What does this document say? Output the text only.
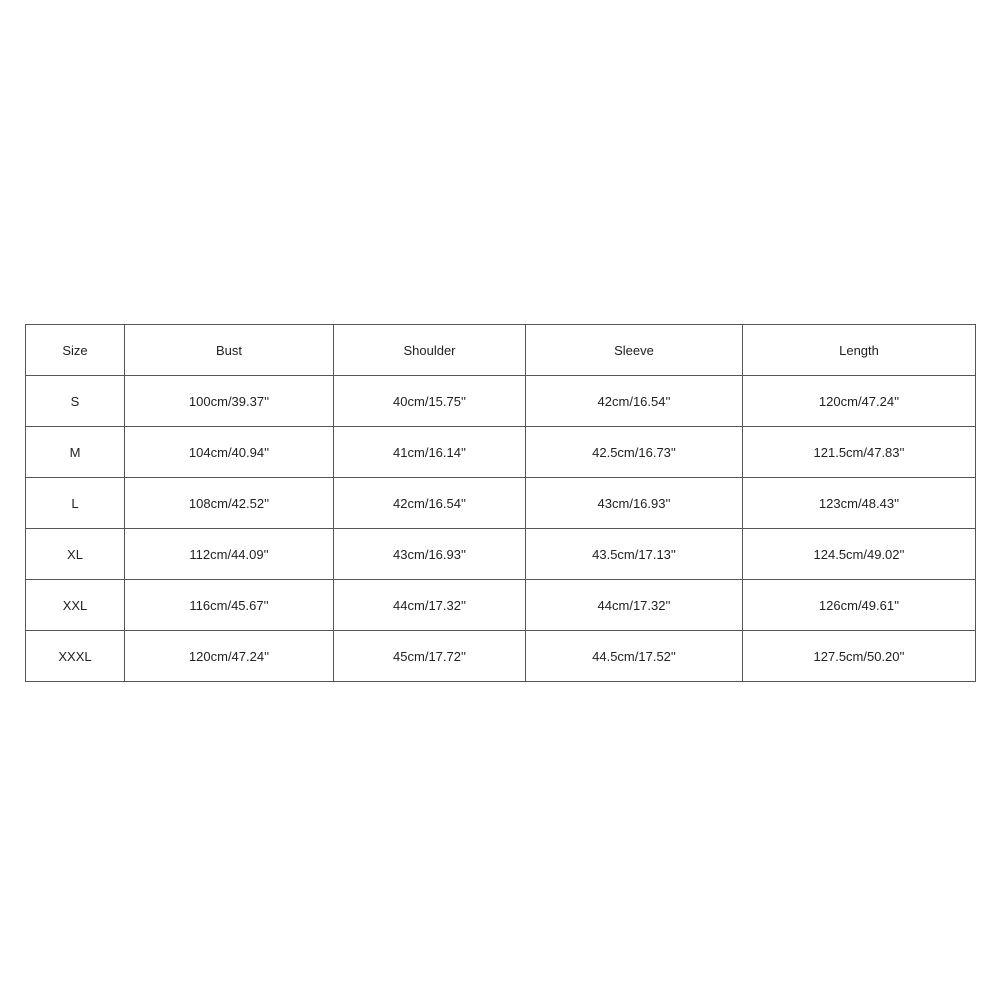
Size	Bust	Shoulder	Sleeve	Length
S	100cm/39.37''	40cm/15.75''	42cm/16.54''	120cm/47.24''
M	104cm/40.94''	41cm/16.14''	42.5cm/16.73''	121.5cm/47.83''
L	108cm/42.52''	42cm/16.54''	43cm/16.93''	123cm/48.43''
XL	112cm/44.09''	43cm/16.93''	43.5cm/17.13''	124.5cm/49.02''
XXL	116cm/45.67''	44cm/17.32''	44cm/17.32''	126cm/49.61''
XXXL	120cm/47.24''	45cm/17.72''	44.5cm/17.52''	127.5cm/50.20''
